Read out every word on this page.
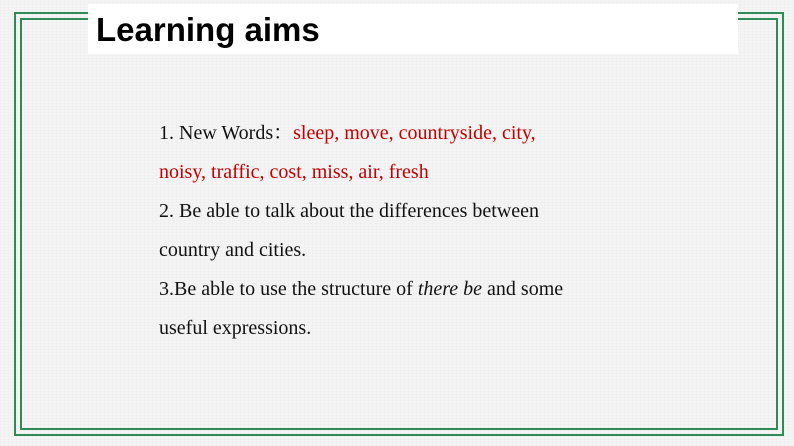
Learning aims
1. New Words：sleep, move, countryside, city,
noisy, traffic, cost, miss, air, fresh
2. Be able to talk about the differences between
country and cities.
3.Be able to use the structure of there be and some
useful expressions.
